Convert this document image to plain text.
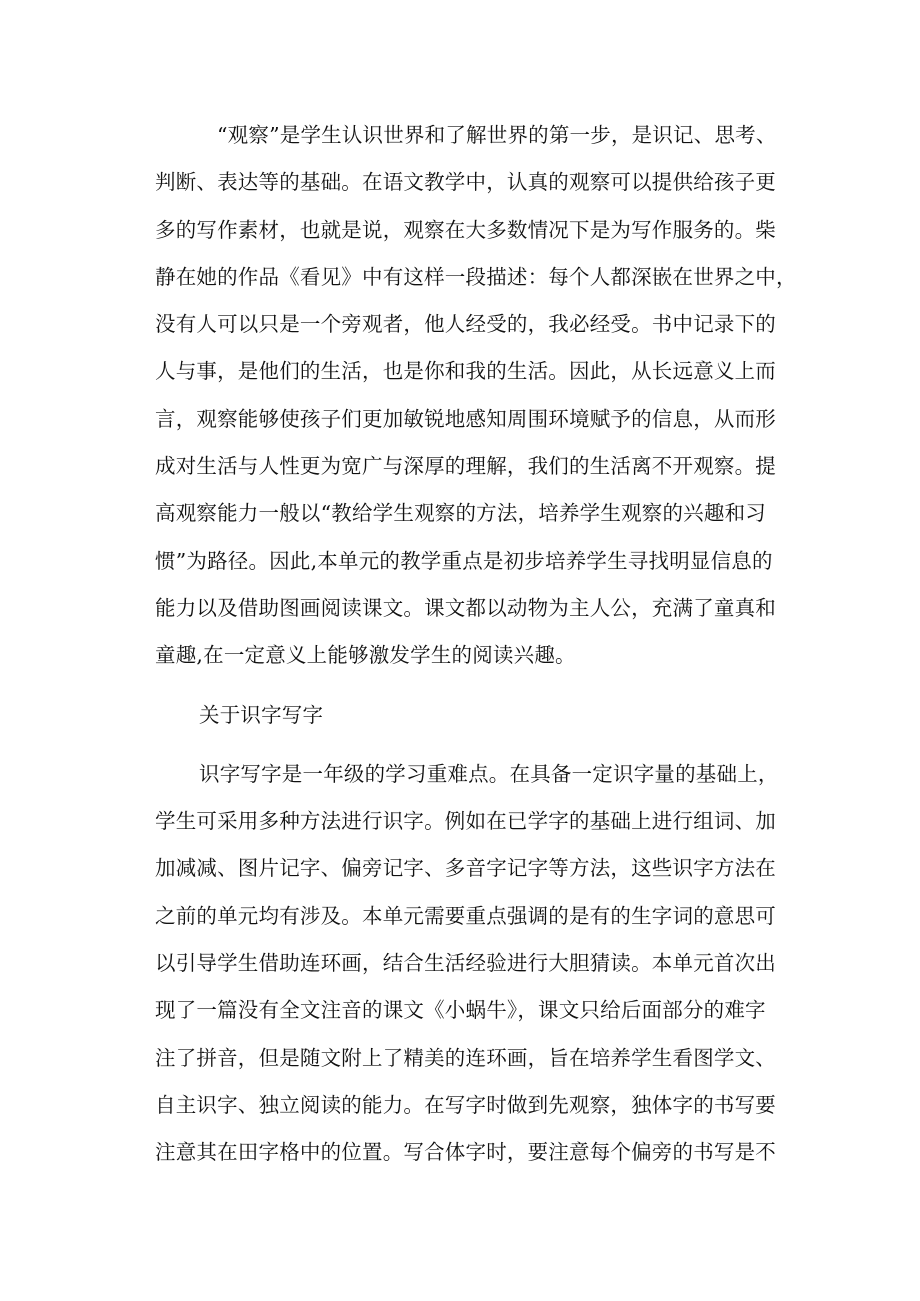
“观察”是学生认识世界和了解世界的第一步，是识记、思考、
判断、表达等的基础。在语文教学中，认真的观察可以提供给孩子更
多的写作素材，也就是说，观察在大多数情况下是为写作服务的。柴
静在她的作品《看见》中有这样一段描述：每个人都深嵌在世界之中，
没有人可以只是一个旁观者，他人经受的，我必经受。书中记录下的
人与事，是他们的生活，也是你和我的生活。因此，从长远意义上而
言，观察能够使孩子们更加敏锐地感知周围环境赋予的信息，从而形
成对生活与人性更为宽广与深厚的理解，我们的生活离不开观察。提
高观察能力一般以“教给学生观察的方法，培养学生观察的兴趣和习
惯”为路径。因此,本单元的教学重点是初步培养学生寻找明显信息的
能力以及借助图画阅读课文。课文都以动物为主人公，充满了童真和
童趣,在一定意义上能够激发学生的阅读兴趣。

关于识字写字

识字写字是一年级的学习重难点。在具备一定识字量的基础上，
学生可采用多种方法进行识字。例如在已学字的基础上进行组词、加
加减减、图片记字、偏旁记字、多音字记字等方法，这些识字方法在
之前的单元均有涉及。本单元需要重点强调的是有的生字词的意思可
以引导学生借助连环画，结合生活经验进行大胆猜读。本单元首次出
现了一篇没有全文注音的课文《小蜗牛》，课文只给后面部分的难字
注了拼音，但是随文附上了精美的连环画，旨在培养学生看图学文、
自主识字、独立阅读的能力。在写字时做到先观察，独体字的书写要
注意其在田字格中的位置。写合体字时，要注意每个偏旁的书写是不
